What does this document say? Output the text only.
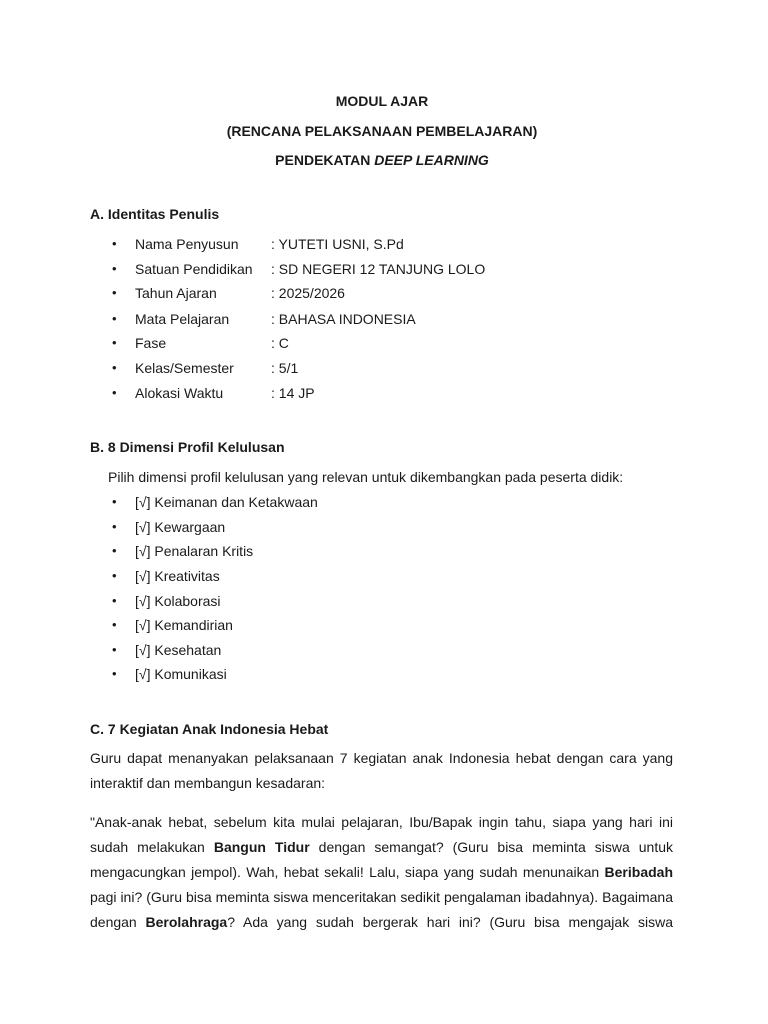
MODUL AJAR
(RENCANA PELAKSANAAN PEMBELAJARAN)
PENDEKATAN DEEP LEARNING
A. Identitas Penulis
• Nama Penyusun : YUTETI USNI, S.Pd
• Satuan Pendidikan : SD NEGERI 12 TANJUNG LOLO
• Tahun Ajaran	: 2025/2026
• Mata Pelajaran	: BAHASA INDONESIA
• Fase	: C
• Kelas/Semester	: 5/1
• Alokasi Waktu	: 14 JP
B. 8 Dimensi Profil Kelulusan
Pilih dimensi profil kelulusan yang relevan untuk dikembangkan pada peserta didik:
• [√] Keimanan dan Ketakwaan
• [√] Kewargaan
• [√] Penalaran Kritis
• [√] Kreativitas
• [√] Kolaborasi
• [√] Kemandirian
• [√] Kesehatan
• [√] Komunikasi
C. 7 Kegiatan Anak Indonesia Hebat
Guru dapat menanyakan pelaksanaan 7 kegiatan anak Indonesia hebat dengan cara yang
interaktif dan membangun kesadaran:
"Anak-anak hebat, sebelum kita mulai pelajaran, Ibu/Bapak ingin tahu, siapa yang hari ini
sudah melakukan Bangun Tidur dengan semangat? (Guru bisa meminta siswa untuk
mengacungkan jempol). Wah, hebat sekali! Lalu, siapa yang sudah menunaikan Beribadah
pagi ini? (Guru bisa meminta siswa menceritakan sedikit pengalaman ibadahnya). Bagaimana
dengan Berolahraga? Ada yang sudah bergerak hari ini? (Guru bisa mengajak siswa
